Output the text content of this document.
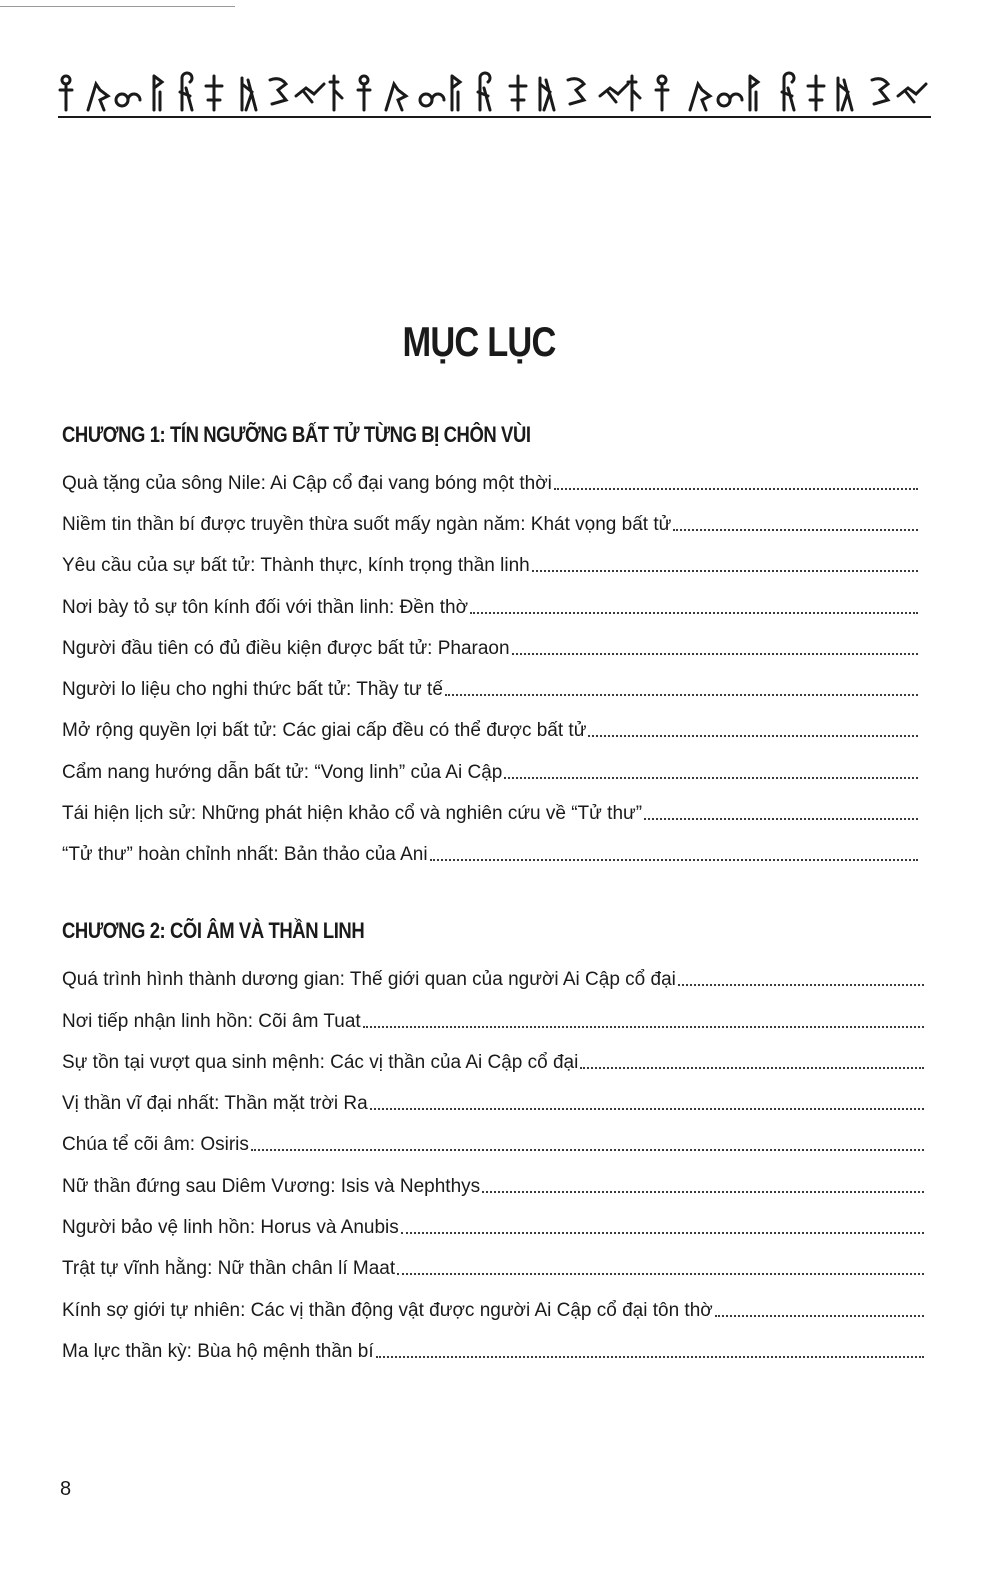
MỤC LỤC
CHƯƠNG 1: TÍN NGƯỠNG BẤT TỬ TỪNG BỊ CHÔN VÙI
Quà tặng của sông Nile: Ai Cập cổ đại vang bóng một thời
Niềm tin thần bí được truyền thừa suốt mấy ngàn năm: Khát vọng bất tử
Yêu cầu của sự bất tử: Thành thực, kính trọng thần linh
Nơi bày tỏ sự tôn kính đối với thần linh: Đền thờ
Người đầu tiên có đủ điều kiện được bất tử: Pharaon
Người lo liệu cho nghi thức bất tử: Thầy tư tế
Mở rộng quyền lợi bất tử: Các giai cấp đều có thể được bất tử
Cẩm nang hướng dẫn bất tử: “Vong linh” của Ai Cập
Tái hiện lịch sử: Những phát hiện khảo cổ và nghiên cứu về “Tử thư”
“Tử thư” hoàn chỉnh nhất: Bản thảo của Ani
CHƯƠNG 2: CÕI ÂM VÀ THẦN LINH
Quá trình hình thành dương gian: Thế giới quan của người Ai Cập cổ đại
Nơi tiếp nhận linh hồn: Cõi âm Tuat
Sự tồn tại vượt qua sinh mệnh: Các vị thần của Ai Cập cổ đại
Vị thần vĩ đại nhất: Thần mặt trời Ra
Chúa tể cõi âm: Osiris
Nữ thần đứng sau Diêm Vương: Isis và Nephthys
Người bảo vệ linh hồn: Horus và Anubis
Trật tự vĩnh hằng: Nữ thần chân lí Maat
Kính sợ giới tự nhiên: Các vị thần động vật được người Ai Cập cổ đại tôn thờ
Ma lực thần kỳ: Bùa hộ mệnh thần bí
8
